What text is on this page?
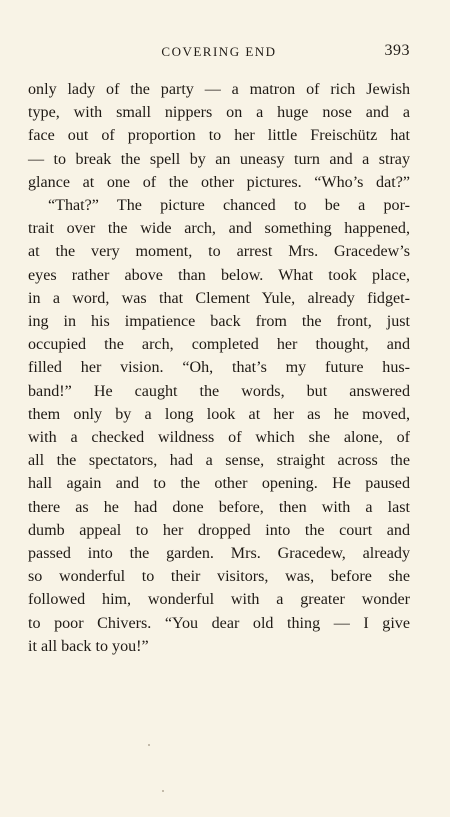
COVERING END	393
only lady of the party — a matron of rich Jewish
type, with small nippers on a huge nose and a
face out of proportion to her little Freischütz hat
— to break the spell by an uneasy turn and a stray
glance at one of the other pictures. “Who’s dat?”
“That?” The picture chanced to be a por-
trait over the wide arch, and something happened,
at the very moment, to arrest Mrs. Gracedew’s
eyes rather above than below. What took place,
in a word, was that Clement Yule, already fidget-
ing in his impatience back from the front, just
occupied the arch, completed her thought, and
filled her vision. “Oh, that’s my future hus-
band!” He caught the words, but answered
them only by a long look at her as he moved,
with a checked wildness of which she alone, of
all the spectators, had a sense, straight across the
hall again and to the other opening. He paused
there as he had done before, then with a last
dumb appeal to her dropped into the court and
passed into the garden. Mrs. Gracedew, already
so wonderful to their visitors, was, before she
followed him, wonderful with a greater wonder
to poor Chivers. “You dear old thing — I give
it all back to you!”
